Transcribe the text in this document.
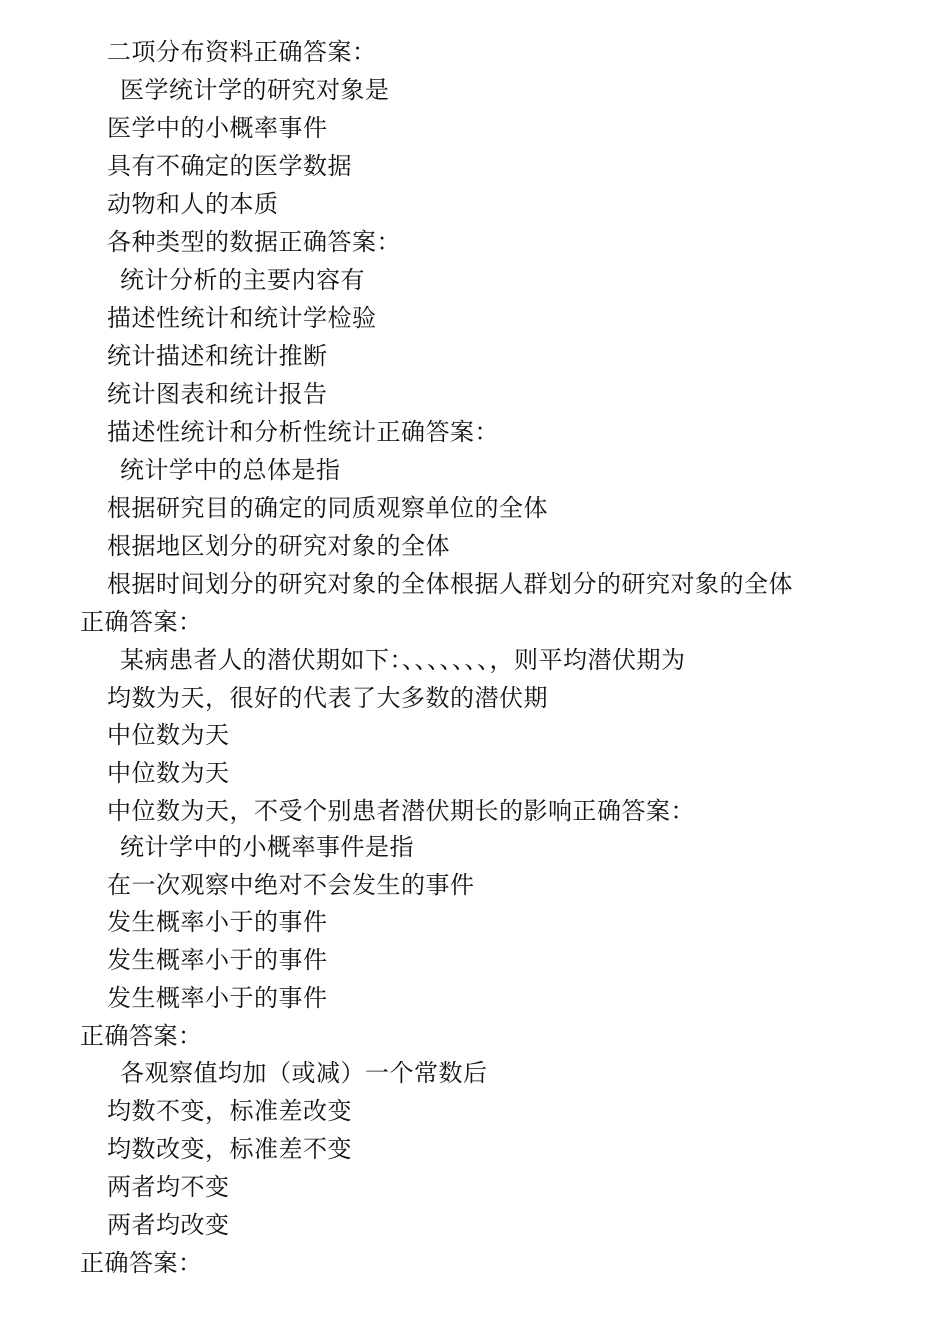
二项分布资料正确答案：
医学统计学的研究对象是
医学中的小概率事件
具有不确定的医学数据
动物和人的本质
各种类型的数据正确答案：
统计分析的主要内容有
描述性统计和统计学检验
统计描述和统计推断
统计图表和统计报告
描述性统计和分析性统计正确答案：
统计学中的总体是指
根据研究目的确定的同质观察单位的全体
根据地区划分的研究对象的全体
根据时间划分的研究对象的全体根据人群划分的研究对象的全体
正确答案：
某病患者人的潜伏期如下：、、、、、、、，则平均潜伏期为
均数为天，很好的代表了大多数的潜伏期
中位数为天
中位数为天
中位数为天，不受个别患者潜伏期长的影响正确答案：
统计学中的小概率事件是指
在一次观察中绝对不会发生的事件
发生概率小于的事件
发生概率小于的事件
发生概率小于的事件
正确答案：
各观察值均加（或减）一个常数后
均数不变，标准差改变
均数改变，标准差不变
两者均不变
两者均改变
正确答案：
